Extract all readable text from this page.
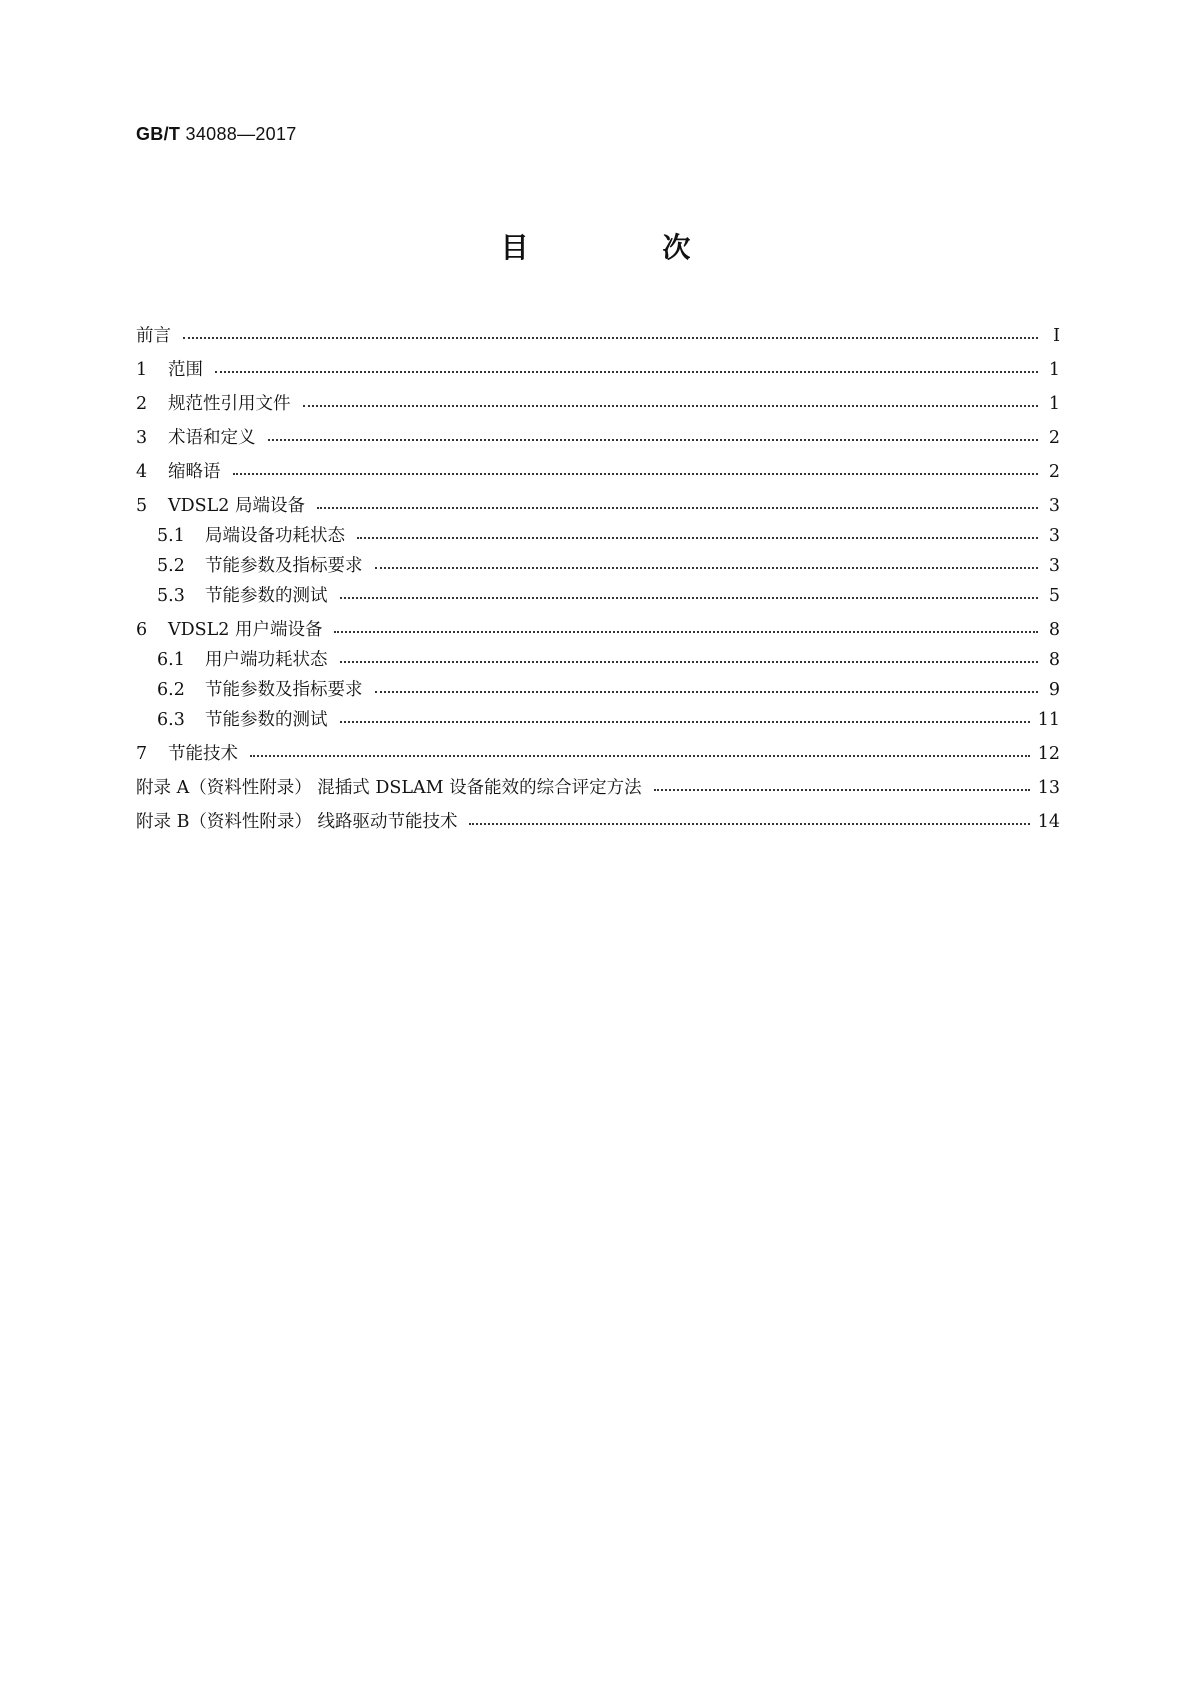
GB/T 34088—2017
目 次
前言	Ⅰ
1	范围	1
2	规范性引用文件	1
3	术语和定义	2
4	缩略语	2
5	VDSL2 局端设备	3
5.1	局端设备功耗状态	3
5.2	节能参数及指标要求	3
5.3	节能参数的测试	5
6	VDSL2 用户端设备	8
6.1	用户端功耗状态	8
6.2	节能参数及指标要求	9
6.3	节能参数的测试	11
7	节能技术	12
附录 A（资料性附录） 混插式 DSLAM 设备能效的综合评定方法	13
附录 B（资料性附录） 线路驱动节能技术	14
